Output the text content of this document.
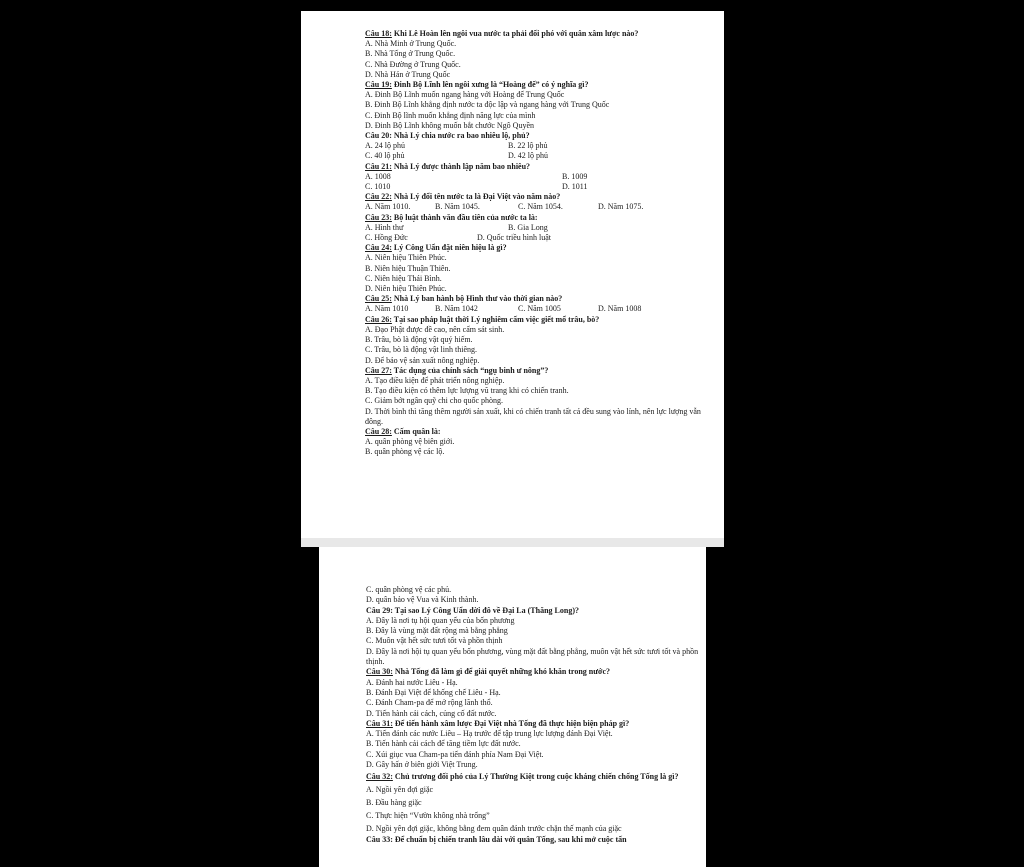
Câu 18: Khi Lê Hoàn lên ngôi vua nước ta phải đối phó với quân xâm lược nào?
A. Nhà Minh ở Trung Quốc.
B. Nhà Tống ở Trung Quốc.
C. Nhà Đường ở Trung Quốc.
D. Nhà Hán ở Trung Quốc
Câu 19: Đinh Bộ Lĩnh lên ngôi xưng là “Hoàng đế” có ý nghĩa gì?
A. Đinh Bộ Lĩnh muốn ngang hàng với Hoàng đế Trung Quốc
B. Đinh Bộ Lĩnh khẳng định nước ta độc lập và ngang hàng với Trung Quốc
C. Đinh Bộ lĩnh muốn khẳng định năng lực của mình
D. Đinh Bộ Lĩnh không muốn bắt chước Ngô Quyền
Câu 20: Nhà Lý chia nước ra bao nhiêu lộ, phủ?
A. 24 lộ phủ	B. 22 lộ phủ
C. 40 lộ phủ	D. 42 lộ phủ
Câu 21: Nhà Lý được thành lập năm bao nhiêu?
A. 1008	B. 1009
C. 1010	D. 1011
Câu 22: Nhà Lý đổi tên nước ta là Đại Việt vào năm nào?
A. Năm 1010.	B. Năm 1045.	C. Năm 1054.	D. Năm 1075.
Câu 23: Bộ luật thành văn đầu tiên của nước ta là:
A. Hình thư	B. Gia Long
C. Hồng Đức	D. Quốc triều hình luật
Câu 24: Lý Công Uẩn đặt niên hiệu là gì?
A. Niên hiệu Thiên Phúc.
B. Niên hiệu Thuận Thiên.
C. Niên hiệu Thái Bình.
D. Niên hiệu Thiên Phúc.
Câu 25: Nhà Lý ban hành bộ Hình thư vào thời gian nào?
A. Năm 1010	B. Năm 1042	C. Năm 1005	D. Năm 1008
Câu 26: Tại sao pháp luật thời Lý nghiêm cấm việc giết mổ trâu, bò?
A. Đạo Phật được đề cao, nên cấm sát sinh.
B. Trâu, bò là động vật quý hiếm.
C. Trâu, bò là động vật linh thiêng.
D. Để bảo vệ sản xuất nông nghiệp.
Câu 27: Tác dụng của chính sách “ngụ binh ư nông”?
A. Tạo điều kiện để phát triển nông nghiệp.
B. Tạo điều kiện có thêm lực lượng vũ trang khi có chiến tranh.
C. Giảm bớt ngân quỹ chi cho quốc phòng.
D. Thời bình thì tăng thêm người sản xuất, khi có chiến tranh tất cả đều sung vào lính, nên lực lượng vẫn đông.
Câu 28: Cấm quân là:
A. quân phòng vệ biên giới.
B. quân phòng vệ các lộ.
C. quân phòng vệ các phủ.
D. quân bảo vệ Vua và Kinh thành.
Câu 29: Tại sao Lý Công Uẩn dời đô về Đại La (Thăng Long)?
A. Đây là nơi tụ hội quan yếu của bốn phương
B. Đây là vùng mặt đất rộng mà bằng phẳng
C. Muôn vật hết sức tươi tốt và phồn thịnh
D. Đây là nơi hội tụ quan yếu bốn phương, vùng mặt đất bằng phẳng, muôn vật hết sức tươi tốt và phồn thịnh.
Câu 30: Nhà Tống đã làm gì để giải quyết những khó khăn trong nước?
A. Đánh hai nước Liêu - Hạ.
B. Đánh Đại Việt để khống chế Liêu - Hạ.
C. Đánh Cham-pa để mở rộng lãnh thổ.
D. Tiến hành cải cách, củng cố đất nước.
Câu 31: Để tiến hành xâm lược Đại Việt nhà Tống đã thực hiện biện pháp gì?
A. Tiến đánh các nước Liêu – Hạ trước để tập trung lực lượng đánh Đại Việt.
B. Tiến hành cải cách để tăng tiềm lực đất nước.
C. Xúi giục vua Cham-pa tiến đánh phía Nam Đại Việt.
D. Gây hấn ở biên giới Việt Trung.
Câu 32: Chủ trương đối phó của Lý Thường Kiệt trong cuộc kháng chiến chống Tống là gì?
A. Ngồi yên đợi giặc
B. Đầu hàng giặc
C. Thực hiện “Vườn không nhà trống”
D. Ngồi yên đợi giặc, không bằng đem quân đánh trước chặn thế mạnh của giặc
Câu 33: Để chuẩn bị chiến tranh lâu dài với quân Tống, sau khi mở cuộc tấn
